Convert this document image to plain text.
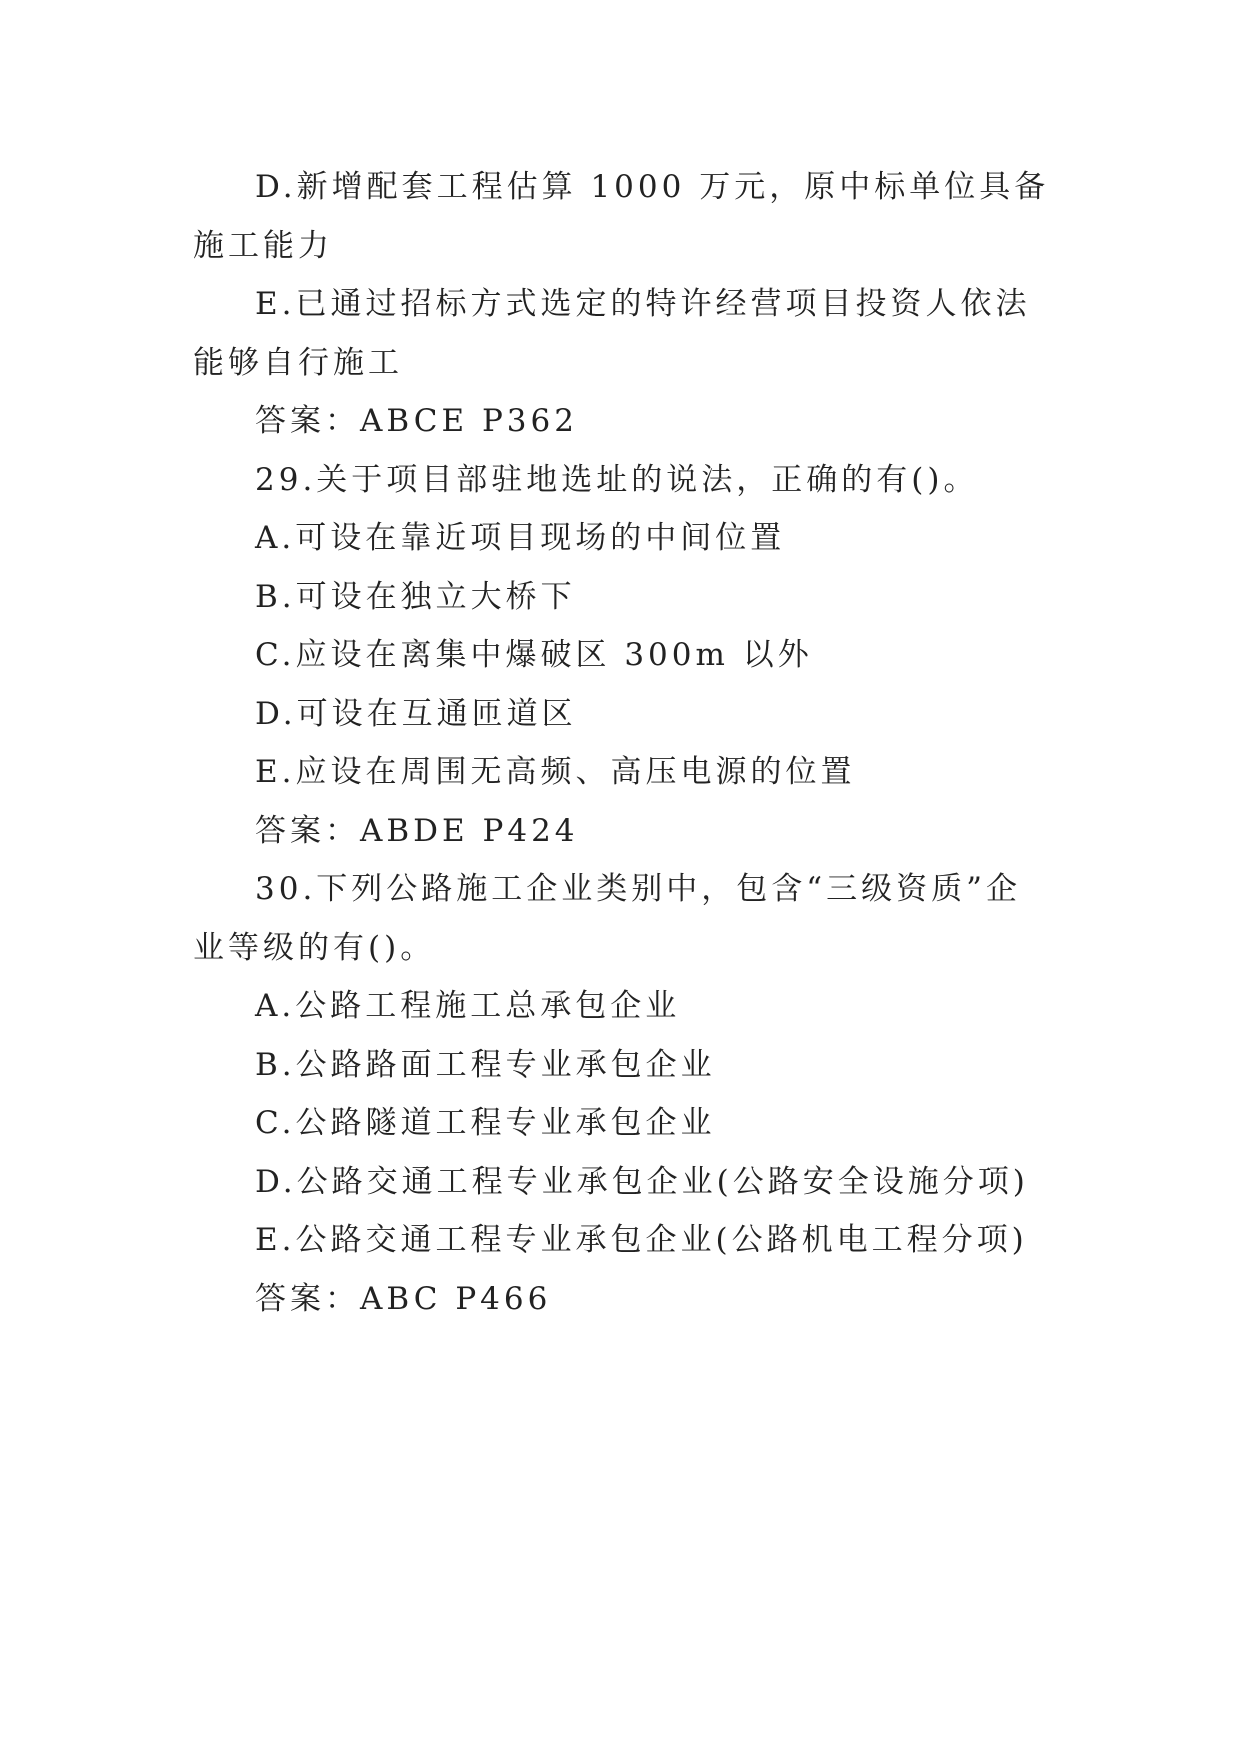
D.新增配套工程估算 1000 万元，原中标单位具备施工能力

E.已通过招标方式选定的特许经营项目投资人依法能够自行施工

答案：ABCE P362

29.关于项目部驻地选址的说法，正确的有()。

A.可设在靠近项目现场的中间位置

B.可设在独立大桥下

C.应设在离集中爆破区 300m 以外

D.可设在互通匝道区

E.应设在周围无高频、高压电源的位置

答案：ABDE P424

30.下列公路施工企业类别中，包含“三级资质”企业等级的有()。

A.公路工程施工总承包企业

B.公路路面工程专业承包企业

C.公路隧道工程专业承包企业

D.公路交通工程专业承包企业(公路安全设施分项)

E.公路交通工程专业承包企业(公路机电工程分项)

答案：ABC P466
